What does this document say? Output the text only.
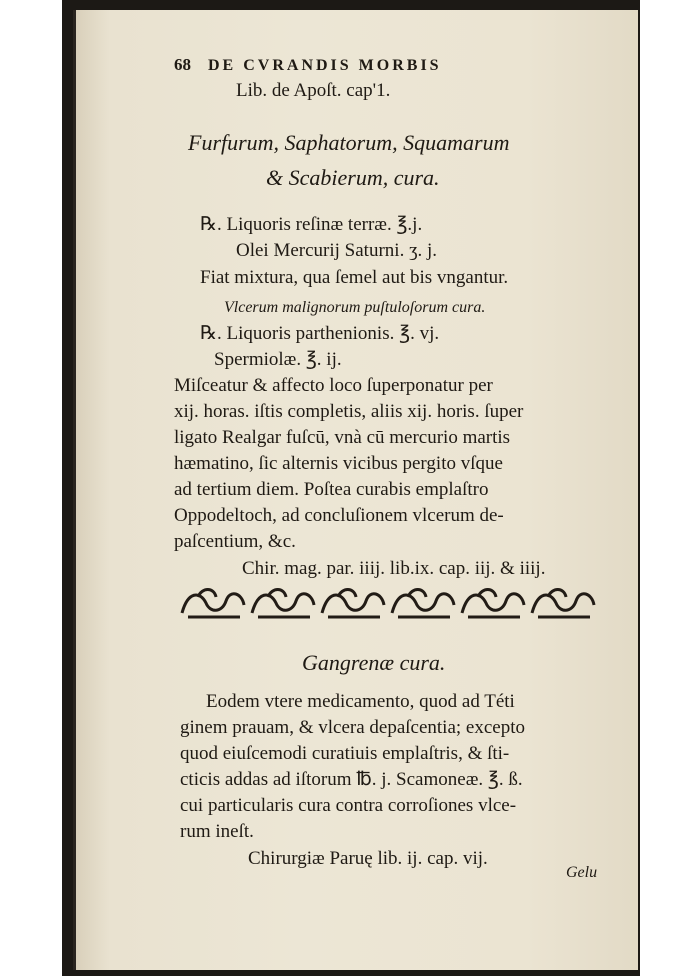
68 DE CVRANDIS MORBIS
Lib. de Apoſt. cap'1.
Furfurum, Saphatorum, Squamarum
& Scabierum, cura.
℞. Liquoris reſinæ terræ. ℥.j.
Olei Mercurij Saturni. ʒ. j.
Fiat mixtura, qua ſemel aut bis vngantur.
Vlcerum malignorum puſtuloſorum cura.
℞. Liquoris parthenionis. ℥. vj.
Spermiolæ. ℥. ij.
Miſceatur & affecto loco ſuperponatur per
xij. horas. iſtis completis, aliis xij. horis. ſuper
ligato Realgar fuſcū, vnà cū mercurio martis
hæmatino, ſic alternis vicibus pergito vſque
ad tertium diem. Poſtea curabis emplaſtro
Oppodeltoch, ad concluſionem vlcerum de-
paſcentium, &c.
Chir. mag. par. iiij. lib.ix. cap. iij. & iiij.
Gangrenæ cura.
Eodem vtere medicamento, quod ad Téti
ginem prauam, & vlcera depaſcentia; excepto
quod eiuſcemodi curatiuis emplaſtris, & ſti-
cticis addas ad iſtorum ℔. j. Scamoneæ. ℥. ß.
cui particularis cura contra corroſiones vlce-
rum ineſt.
Chirurgiæ Paruę lib. ij. cap. vij.
Gelu
